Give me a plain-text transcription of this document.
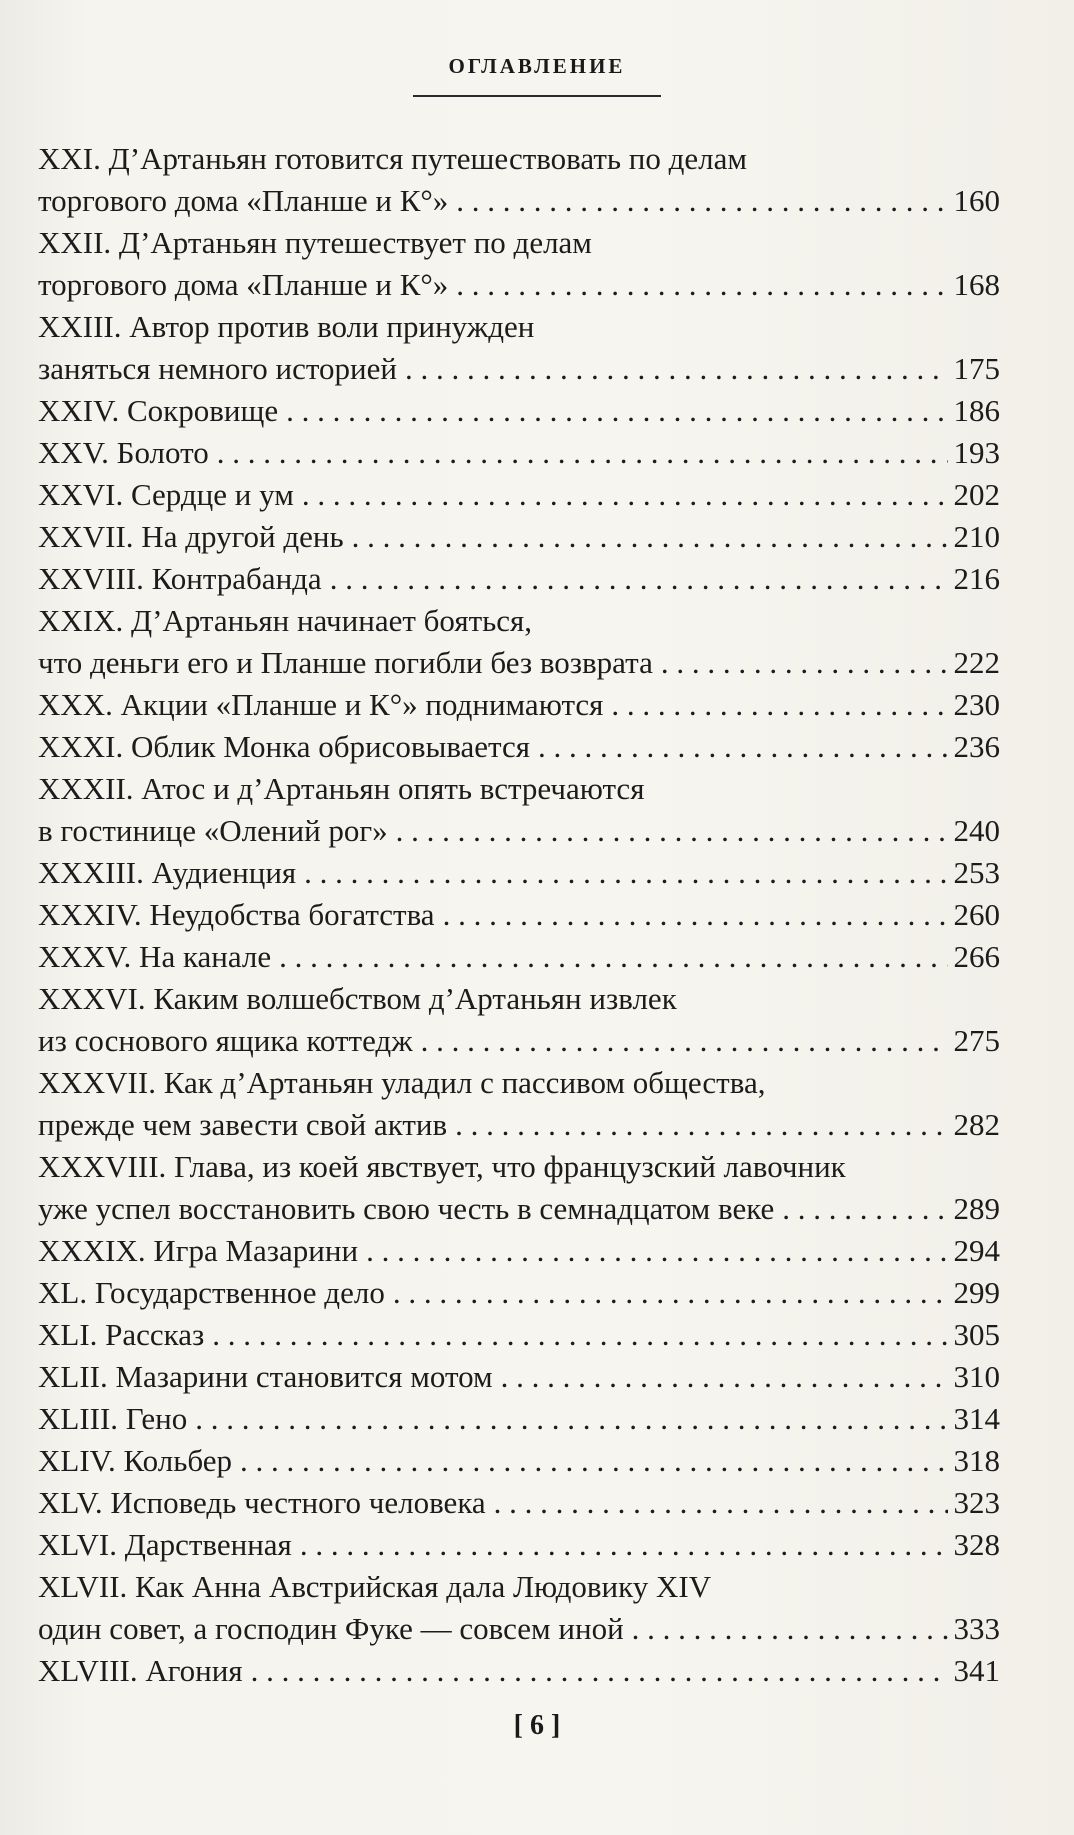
ОГЛАВЛЕНИЕ
XXI. Д’Артаньян готовится путешествовать по делам
торгового дома «Планше и К°» . . .	160
XXII. Д’Артаньян путешествует по делам
торгового дома «Планше и К°» . . .	168
XXIII. Автор против воли принужден
заняться немного историей . . .	175
XXIV. Сокровище . . .	186
XXV. Болото . . .	193
XXVI. Сердце и ум . . .	202
XXVII. На другой день . . .	210
XXVIII. Контрабанда . . .	216
XXIX. Д’Артаньян начинает бояться,
что деньги его и Планше погибли без возврата . . .	222
XXX. Акции «Планше и К°» поднимаются . . .	230
XXXI. Облик Монка обрисовывается . . .	236
XXXII. Атос и д’Артаньян опять встречаются
в гостинице «Олений рог» . . .	240
XXXIII. Аудиенция . . .	253
XXXIV. Неудобства богатства . . .	260
XXXV. На канале . . .	266
XXXVI. Каким волшебством д’Артаньян извлек
из соснового ящика коттедж . . .	275
XXXVII. Как д’Артаньян уладил с пассивом общества,
прежде чем завести свой актив . . .	282
XXXVIII. Глава, из коей явствует, что французский лавочник
уже успел восстановить свою честь в семнадцатом веке . . .	289
XXXIX. Игра Мазарини . . .	294
XL. Государственное дело . . .	299
XLI. Рассказ . . .	305
XLII. Мазарини становится мотом . . .	310
XLIII. Гено . . .	314
XLIV. Кольбер . . .	318
XLV. Исповедь честного человека . . .	323
XLVI. Дарственная . . .	328
XLVII. Как Анна Австрийская дала Людовику XIV
один совет, а господин Фуке — совсем иной . . .	333
XLVIII. Агония . . .	341
[ 6 ]
